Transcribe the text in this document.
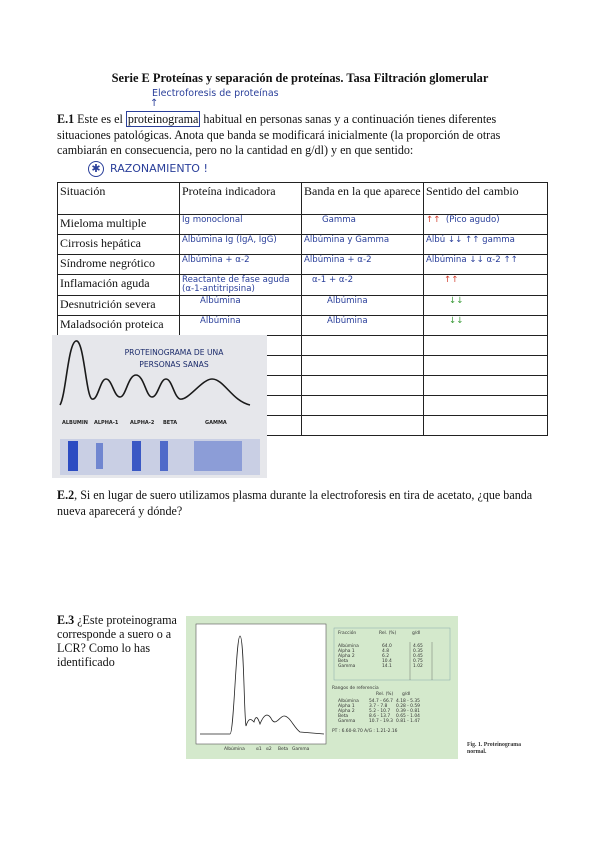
Serie E Proteínas y separación de proteínas. Tasa Filtración glomerular
Electroforesis de proteínas
↑
E.1 Este es el proteinograma habitual en personas sanas y a continuación tienes diferentes situaciones patológicas. Anota que banda se modificará inicialmente (la proporción de otras cambiarán en consecuencia, pero no la cantidad en g/dl) y en que sentido:
✱ RAZONAMIENTO !
Situación	Proteína indicadora	Banda en la que aparece	Sentido del cambio
Mieloma multiple	Ig monoclonal	Gamma	↑↑ (Pico agudo)
Cirrosis hepática	Albúmina Ig (IgA, IgG)	Albúmina y Gamma	Albú ↓↓ ↑↑ gamma
Síndrome negrótico	Albúmina + α-2	Albúmina + α-2	Albúmina ↓↓ α-2 ↑↑
Inflamación aguda	Reactante de fase aguda (α-1-antitripsina)	α-1 + α-2	↑↑
Desnutrición severa	Albúmina	Albúmina	↓↓
Maladsoción proteica	Albúmina	Albúmina	↓↓

PROTEINOGRAMA DE UNA PERSONAS SANAS
ALBUMIN ALPHA-1 ALPHA-2 BETA	GAMMA
E.2, Si en lugar de suero utilizamos plasma durante la electroforesis en tira de acetato, ¿que banda nueva aparecerá y dónde?
E.3 ¿Este proteinograma corresponde a suero o a LCR? Como lo has identificado
Fracción	Rel. (%)	g/dl
Albúmina	64.0	4.65
Alpha 1	4.8	0.35
Alpha 2	6.2	0.45
Beta	10.4	0.75
Gamma	14.1	1.02
Rangos de referencia
Rel. (%) g/dl
Albúmina 54.7 - 66.7 4.18 - 5.35
Alpha 1	3.7 - 7.8 0.28 - 0.59
Alpha 2	5.2 - 10.7 0.39 - 0.81
Beta	8.6 - 13.7 0.65 - 1.04
Gamma	10.7 - 19.3 0.81 - 1.47
PT : 6.60-8.70 A/G : 1.21-2.16
Albúmina	α1 α2 Beta Gamma
Fig. 1. Proteinograma normal.
